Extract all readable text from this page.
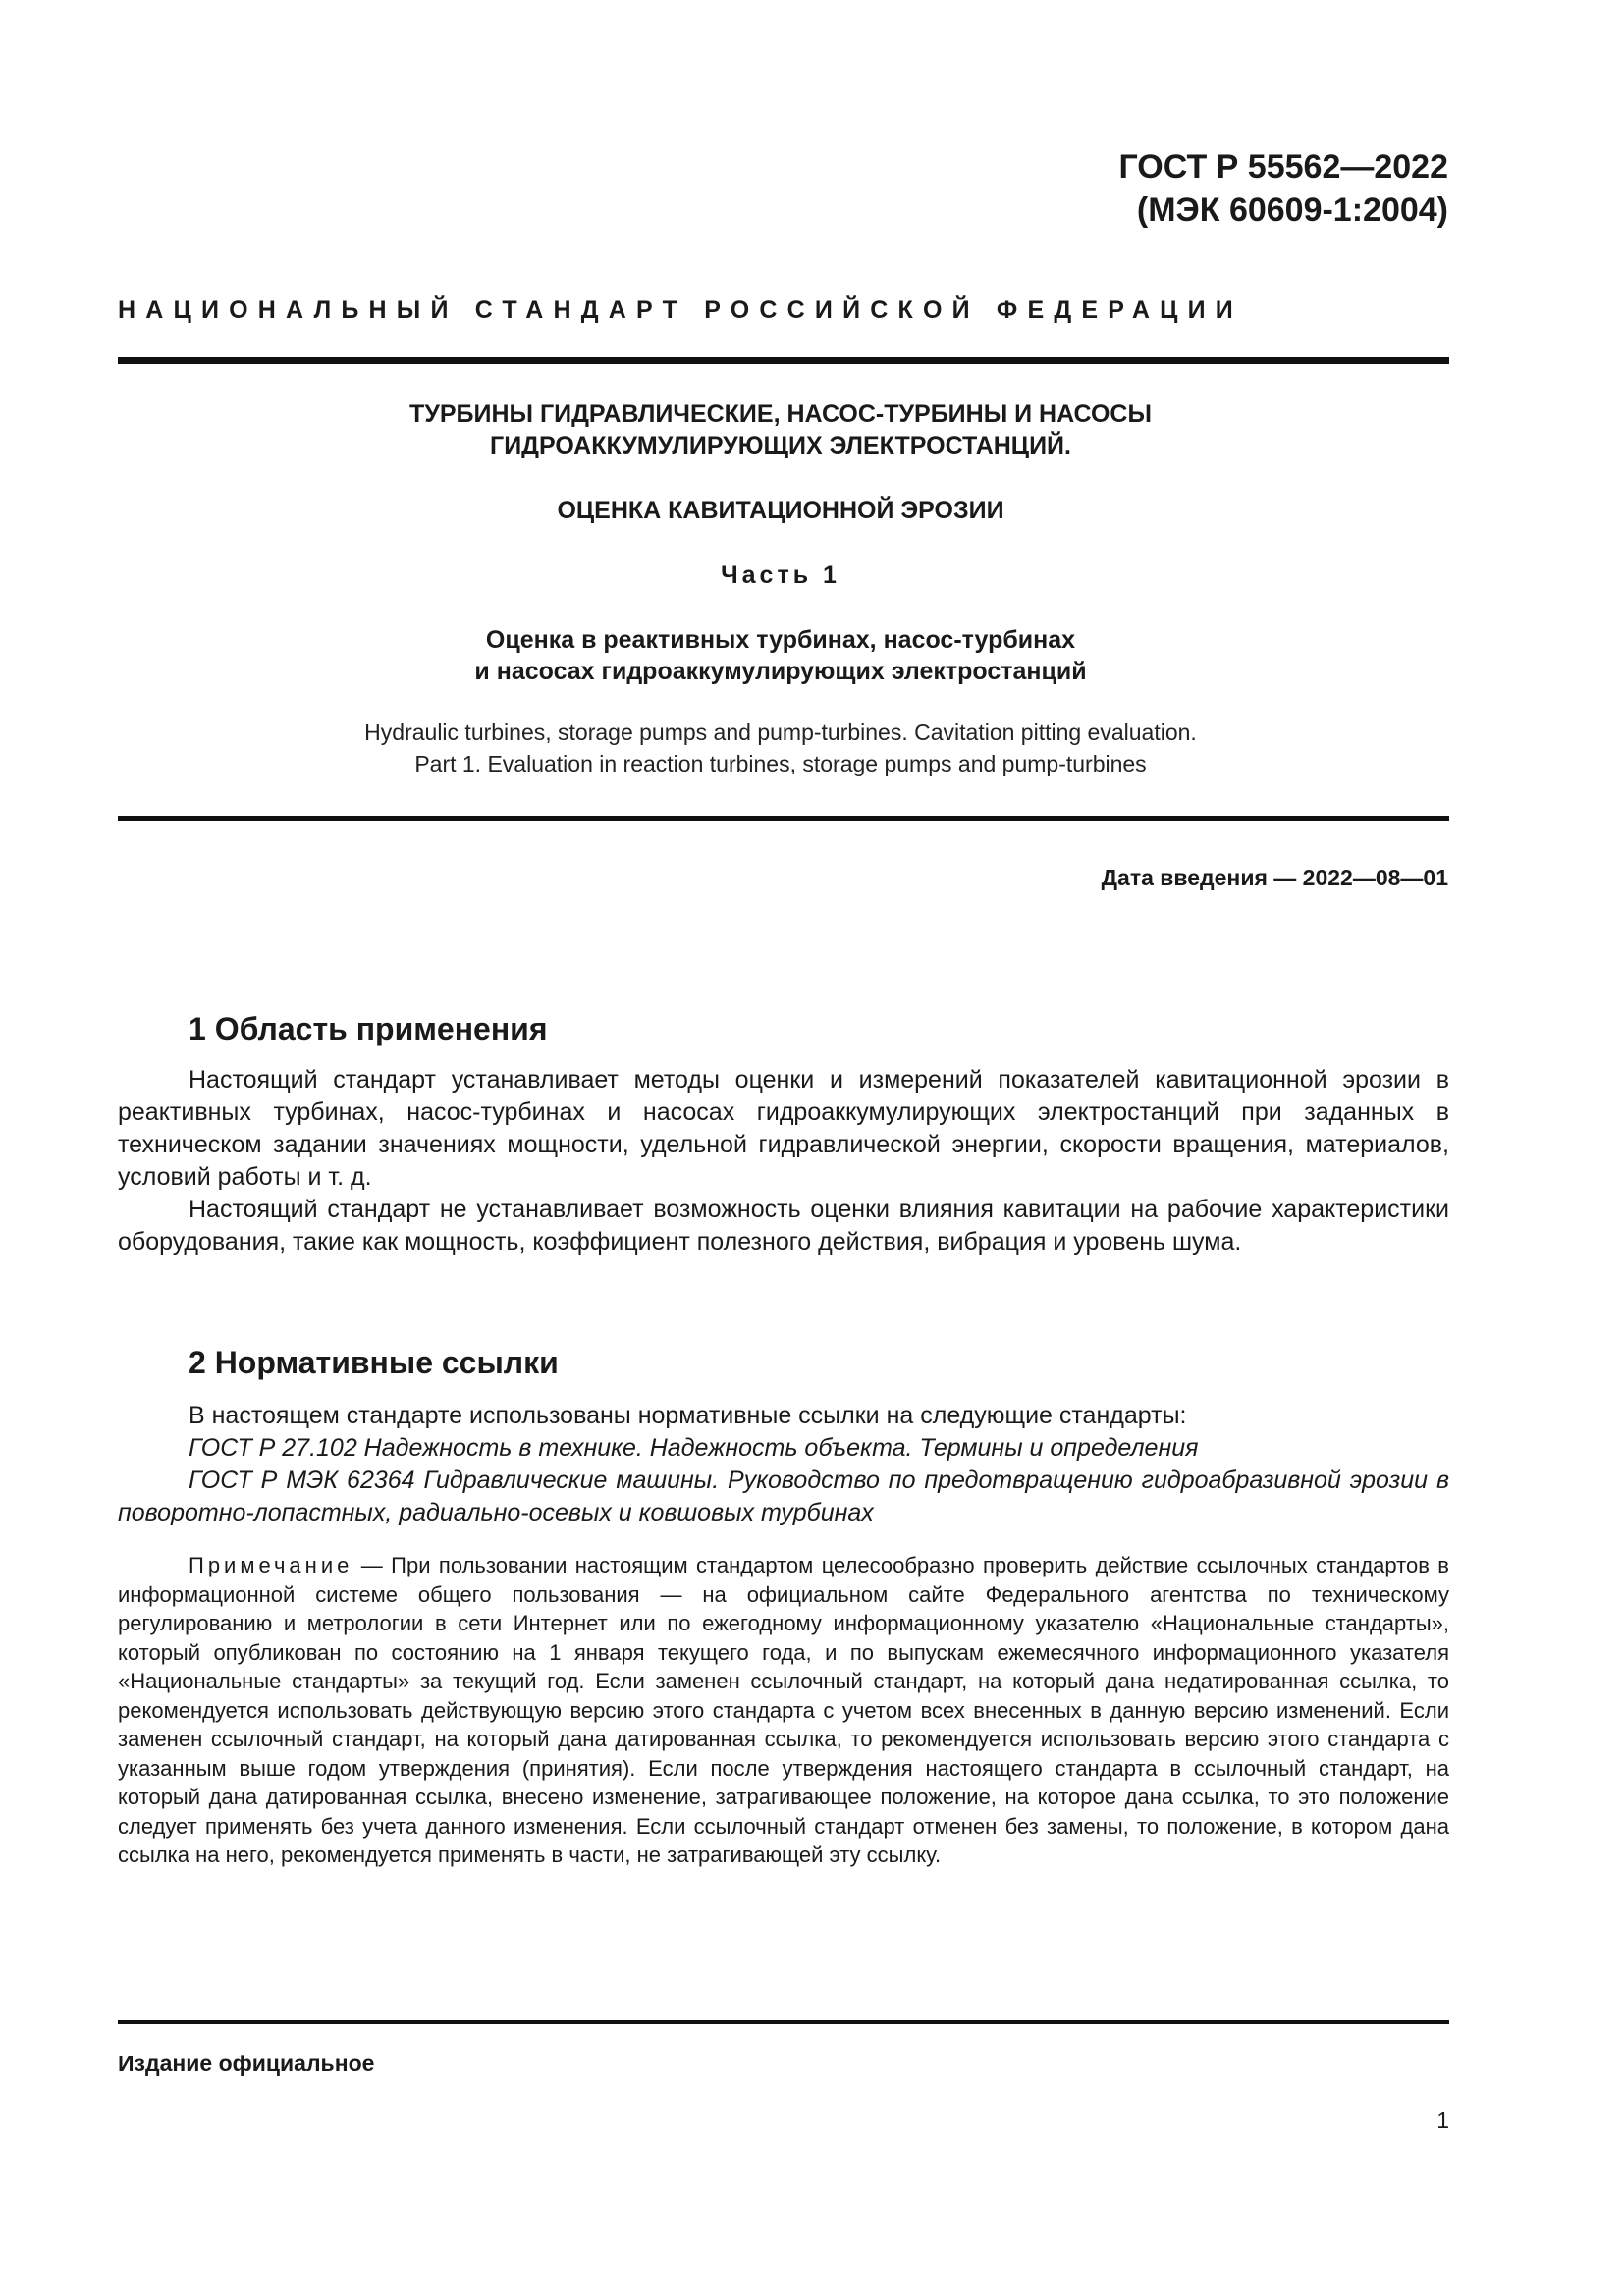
ГОСТ Р 55562—2022
(МЭК 60609-1:2004)
НАЦИОНАЛЬНЫЙ СТАНДАРТ РОССИЙСКОЙ ФЕДЕРАЦИИ
ТУРБИНЫ ГИДРАВЛИЧЕСКИЕ, НАСОС-ТУРБИНЫ И НАСОСЫ
ГИДРОАККУМУЛИРУЮЩИХ ЭЛЕКТРОСТАНЦИЙ.
ОЦЕНКА КАВИТАЦИОННОЙ ЭРОЗИИ
Часть 1
Оценка в реактивных турбинах, насос-турбинах
и насосах гидроаккумулирующих электростанций
Hydraulic turbines, storage pumps and pump-turbines. Cavitation pitting evaluation.
Part 1. Evaluation in reaction turbines, storage pumps and pump-turbines
Дата введения — 2022—08—01
1 Область применения

Настоящий стандарт устанавливает методы оценки и измерений показателей кавитационной эрозии в реактивных турбинах, насос-турбинах и насосах гидроаккумулирующих электростанций при заданных в техническом задании значениях мощности, удельной гидравлической энергии, скорости вращения, материалов, условий работы и т. д.

Настоящий стандарт не устанавливает возможность оценки влияния кавитации на рабочие характеристики оборудования, такие как мощность, коэффициент полезного действия, вибрация и уровень шума.

2 Нормативные ссылки

В настоящем стандарте использованы нормативные ссылки на следующие стандарты:

ГОСТ Р 27.102 Надежность в технике. Надежность объекта. Термины и определения

ГОСТ Р МЭК 62364 Гидравлические машины. Руководство по предотвращению гидроабразивной эрозии в поворотно-лопастных, радиально-осевых и ковшовых турбинах

Примечание — При пользовании настоящим стандартом целесообразно проверить действие ссылочных стандартов в информационной системе общего пользования — на официальном сайте Федерального агентства по техническому регулированию и метрологии в сети Интернет или по ежегодному информационному указателю «Национальные стандарты», который опубликован по состоянию на 1 января текущего года, и по выпускам ежемесячного информационного указателя «Национальные стандарты» за текущий год. Если заменен ссылочный стандарт, на который дана недатированная ссылка, то рекомендуется использовать действующую версию этого стандарта с учетом всех внесенных в данную версию изменений. Если заменен ссылочный стандарт, на который дана датированная ссылка, то рекомендуется использовать версию этого стандарта с указанным выше годом утверждения (принятия). Если после утверждения настоящего стандарта в ссылочный стандарт, на который дана датированная ссылка, внесено изменение, затрагивающее положение, на которое дана ссылка, то это положение следует применять без учета данного изменения. Если ссылочный стандарт отменен без замены, то положение, в котором дана ссылка на него, рекомендуется применять в части, не затрагивающей эту ссылку.

Издание официальное
1
